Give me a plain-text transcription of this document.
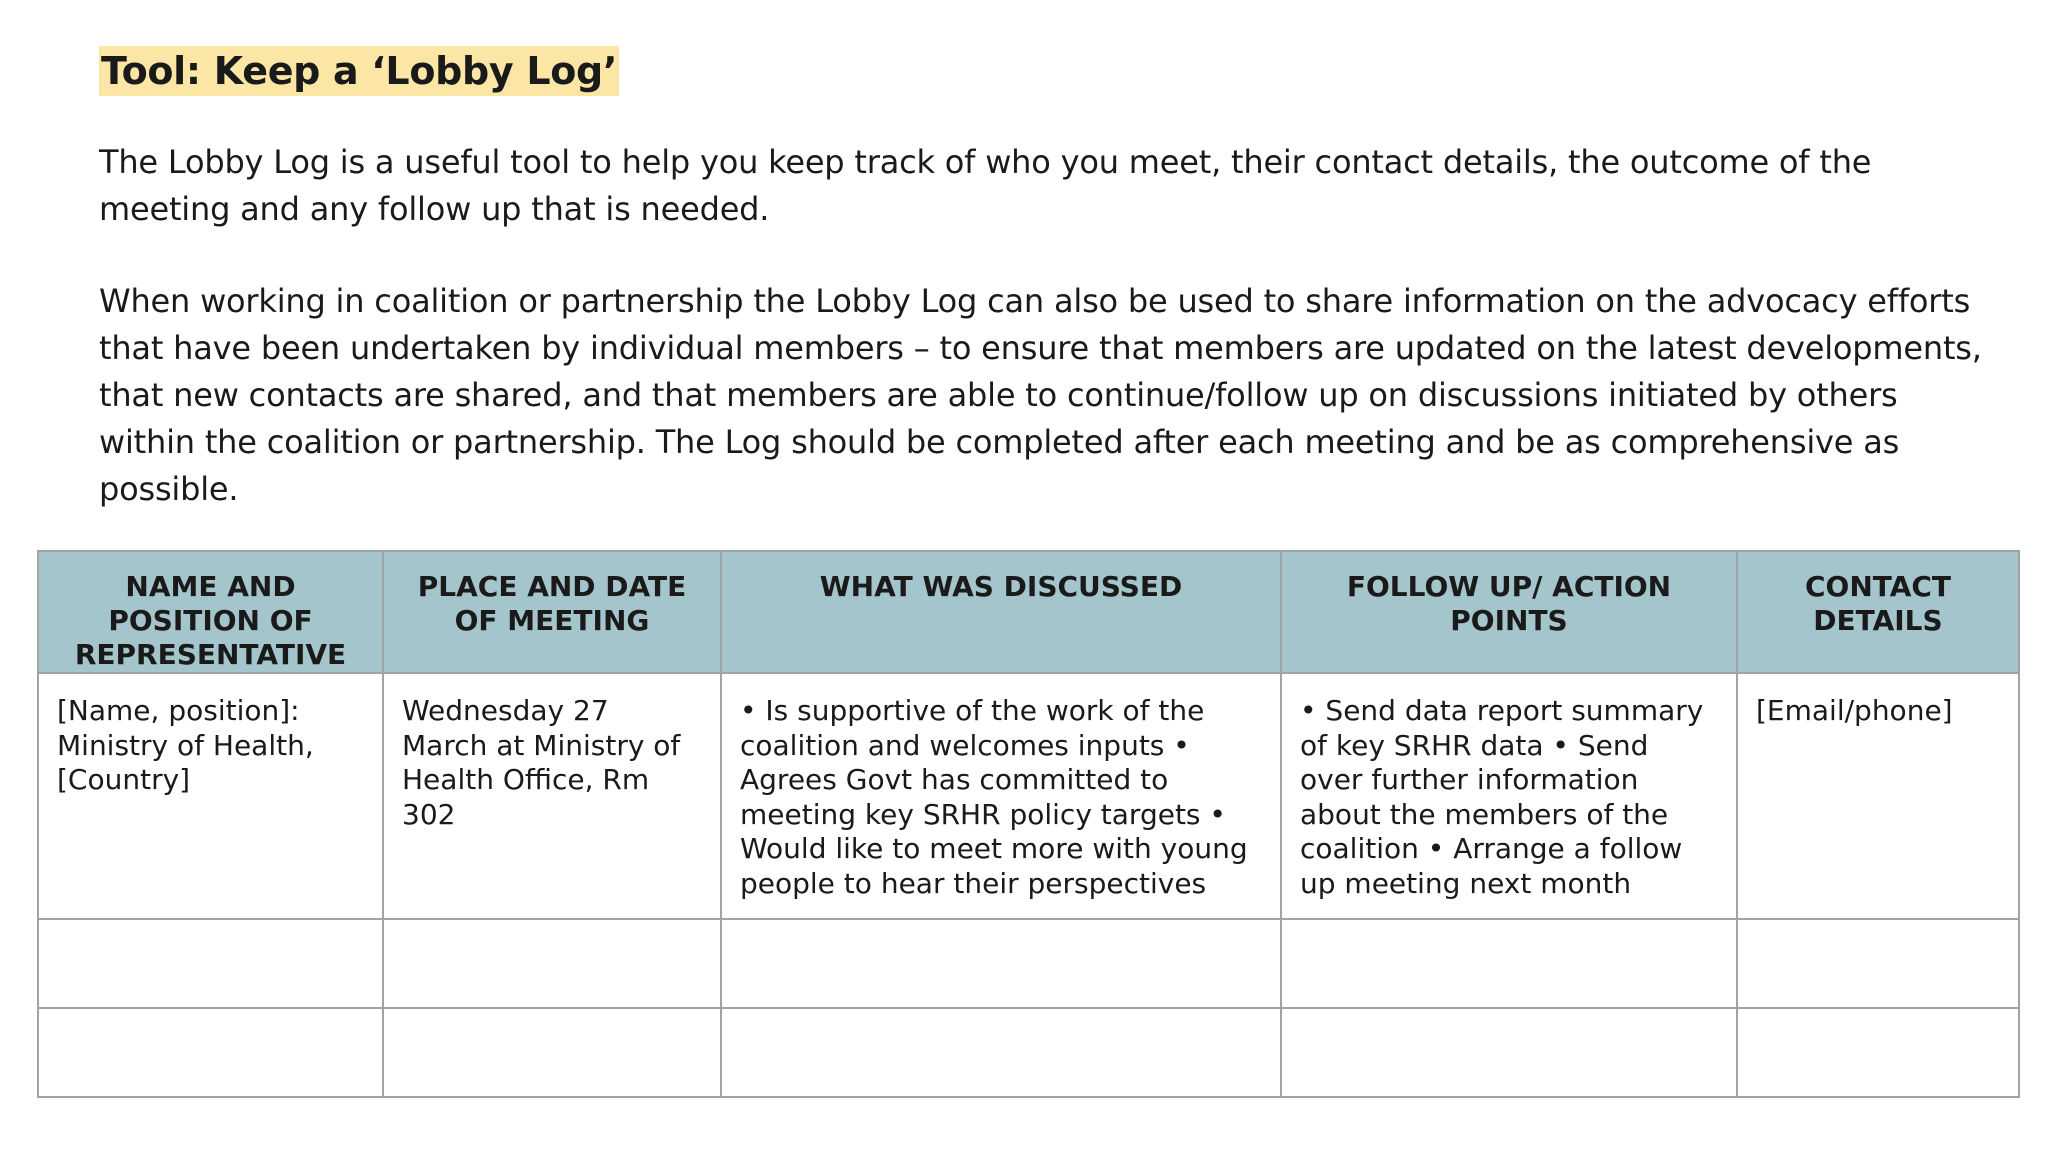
Tool: Keep a ‘Lobby Log’

The Lobby Log is a useful tool to help you keep track of who you meet, their contact details, the outcome of the meeting and any follow up that is needed.

When working in coalition or partnership the Lobby Log can also be used to share information on the advocacy efforts that have been undertaken by individual members – to ensure that members are updated on the latest developments, that new contacts are shared, and that members are able to continue/follow up on discussions initiated by others within the coalition or partnership. The Log should be completed after each meeting and be as comprehensive as possible.

NAME AND POSITION OF REPRESENTATIVE	PLACE AND DATE OF MEETING	WHAT WAS DISCUSSED	FOLLOW UP/ ACTION POINTS	CONTACT DETAILS
[Name, position]: Ministry of Health, [Country]	Wednesday 27 March at Ministry of Health Office, Rm 302	• Is supportive of the work of the coalition and welcomes inputs • Agrees Govt has committed to meeting key SRHR policy targets • Would like to meet more with young people to hear their perspectives	• Send data report summary of key SRHR data • Send over further information about the members of the coalition • Arrange a follow up meeting next month	[Email/phone]
